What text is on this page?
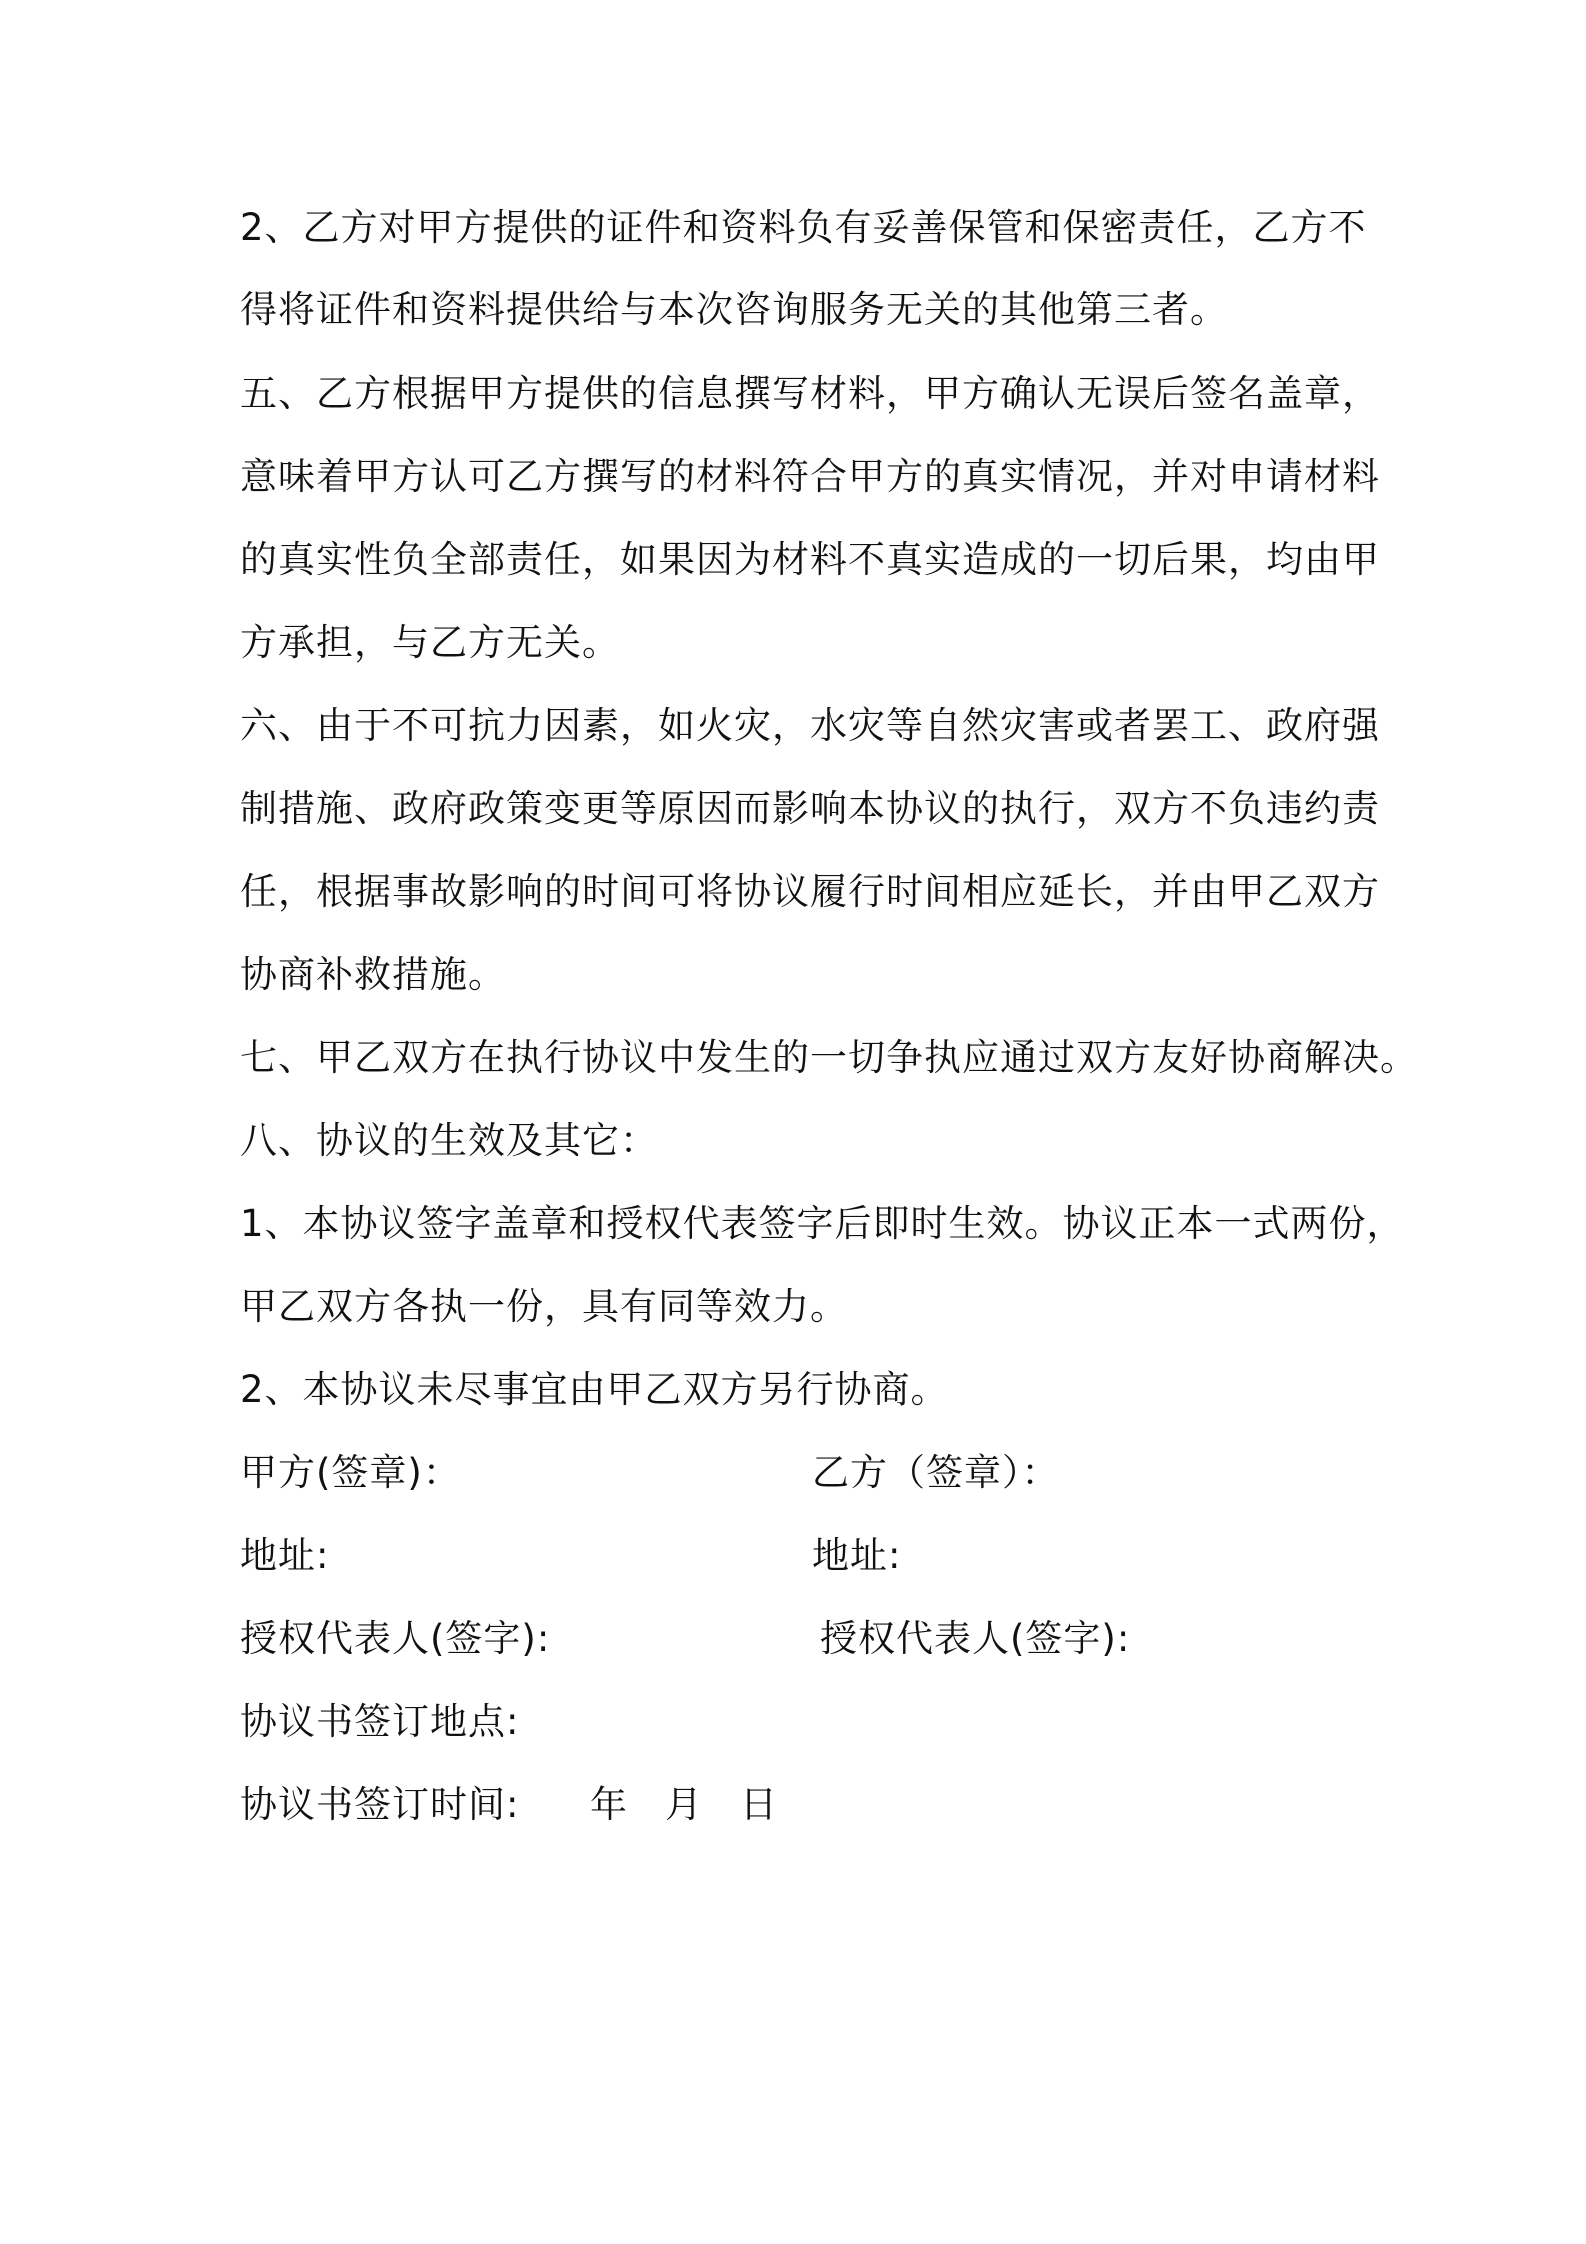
2、乙方对甲方提供的证件和资料负有妥善保管和保密责任，乙方不
得将证件和资料提供给与本次咨询服务无关的其他第三者。
五、乙方根据甲方提供的信息撰写材料，甲方确认无误后签名盖章，
意味着甲方认可乙方撰写的材料符合甲方的真实情况，并对申请材料
的真实性负全部责任，如果因为材料不真实造成的一切后果，均由甲
方承担，与乙方无关。
六、由于不可抗力因素，如火灾，水灾等自然灾害或者罢工、政府强
制措施、政府政策变更等原因而影响本协议的执行，双方不负违约责
任，根据事故影响的时间可将协议履行时间相应延长，并由甲乙双方
协商补救措施。
七、甲乙双方在执行协议中发生的一切争执应通过双方友好协商解决。
八、协议的生效及其它：
1、本协议签字盖章和授权代表签字后即时生效。协议正本一式两份，
甲乙双方各执一份，具有同等效力。
2、本协议未尽事宜由甲乙双方另行协商。
甲方(签章)：	乙方（签章）：
地址:	地址:
授权代表人(签字):	授权代表人(签字):
协议书签订地点:
协议书签订时间: 年 月 日
